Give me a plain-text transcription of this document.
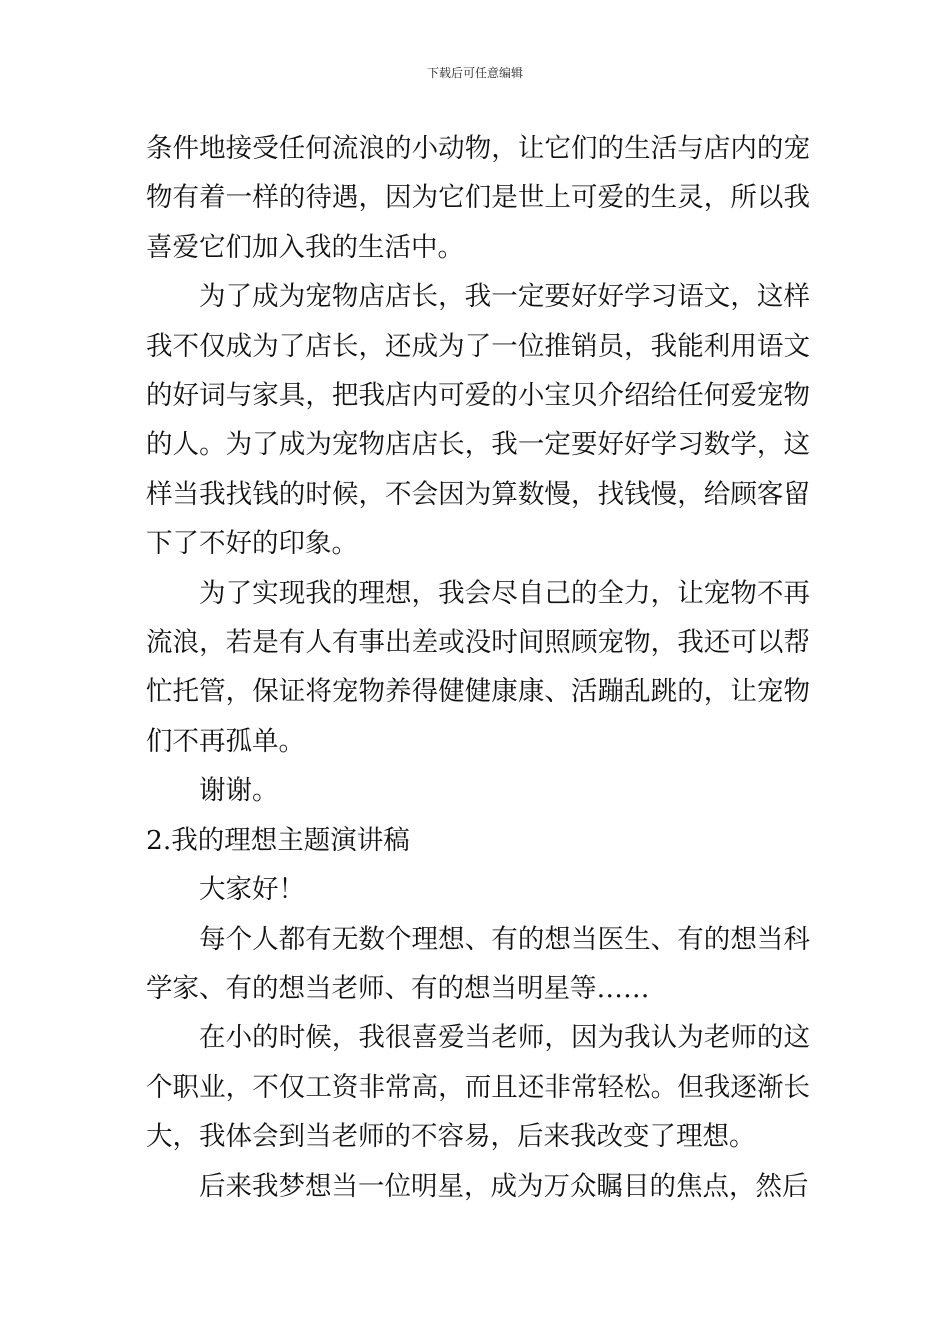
下载后可任意编辑

条件地接受任何流浪的小动物，让它们的生活与店内的宠物有着一样的待遇，因为它们是世上可爱的生灵，所以我喜爱它们加入我的生活中。

为了成为宠物店店长，我一定要好好学习语文，这样我不仅成为了店长，还成为了一位推销员，我能利用语文的好词与家具，把我店内可爱的小宝贝介绍给任何爱宠物的人。为了成为宠物店店长，我一定要好好学习数学，这样当我找钱的时候，不会因为算数慢，找钱慢，给顾客留下了不好的印象。

为了实现我的理想，我会尽自己的全力，让宠物不再流浪，若是有人有事出差或没时间照顾宠物，我还可以帮忙托管，保证将宠物养得健健康康、活蹦乱跳的，让宠物们不再孤单。

谢谢。

2.我的理想主题演讲稿

大家好！

每个人都有无数个理想、有的想当医生、有的想当科学家、有的想当老师、有的想当明星等……

在小的时候，我很喜爱当老师，因为我认为老师的这个职业，不仅工资非常高，而且还非常轻松。但我逐渐长大，我体会到当老师的不容易，后来我改变了理想。

后来我梦想当一位明星，成为万众瞩目的焦点，然后
